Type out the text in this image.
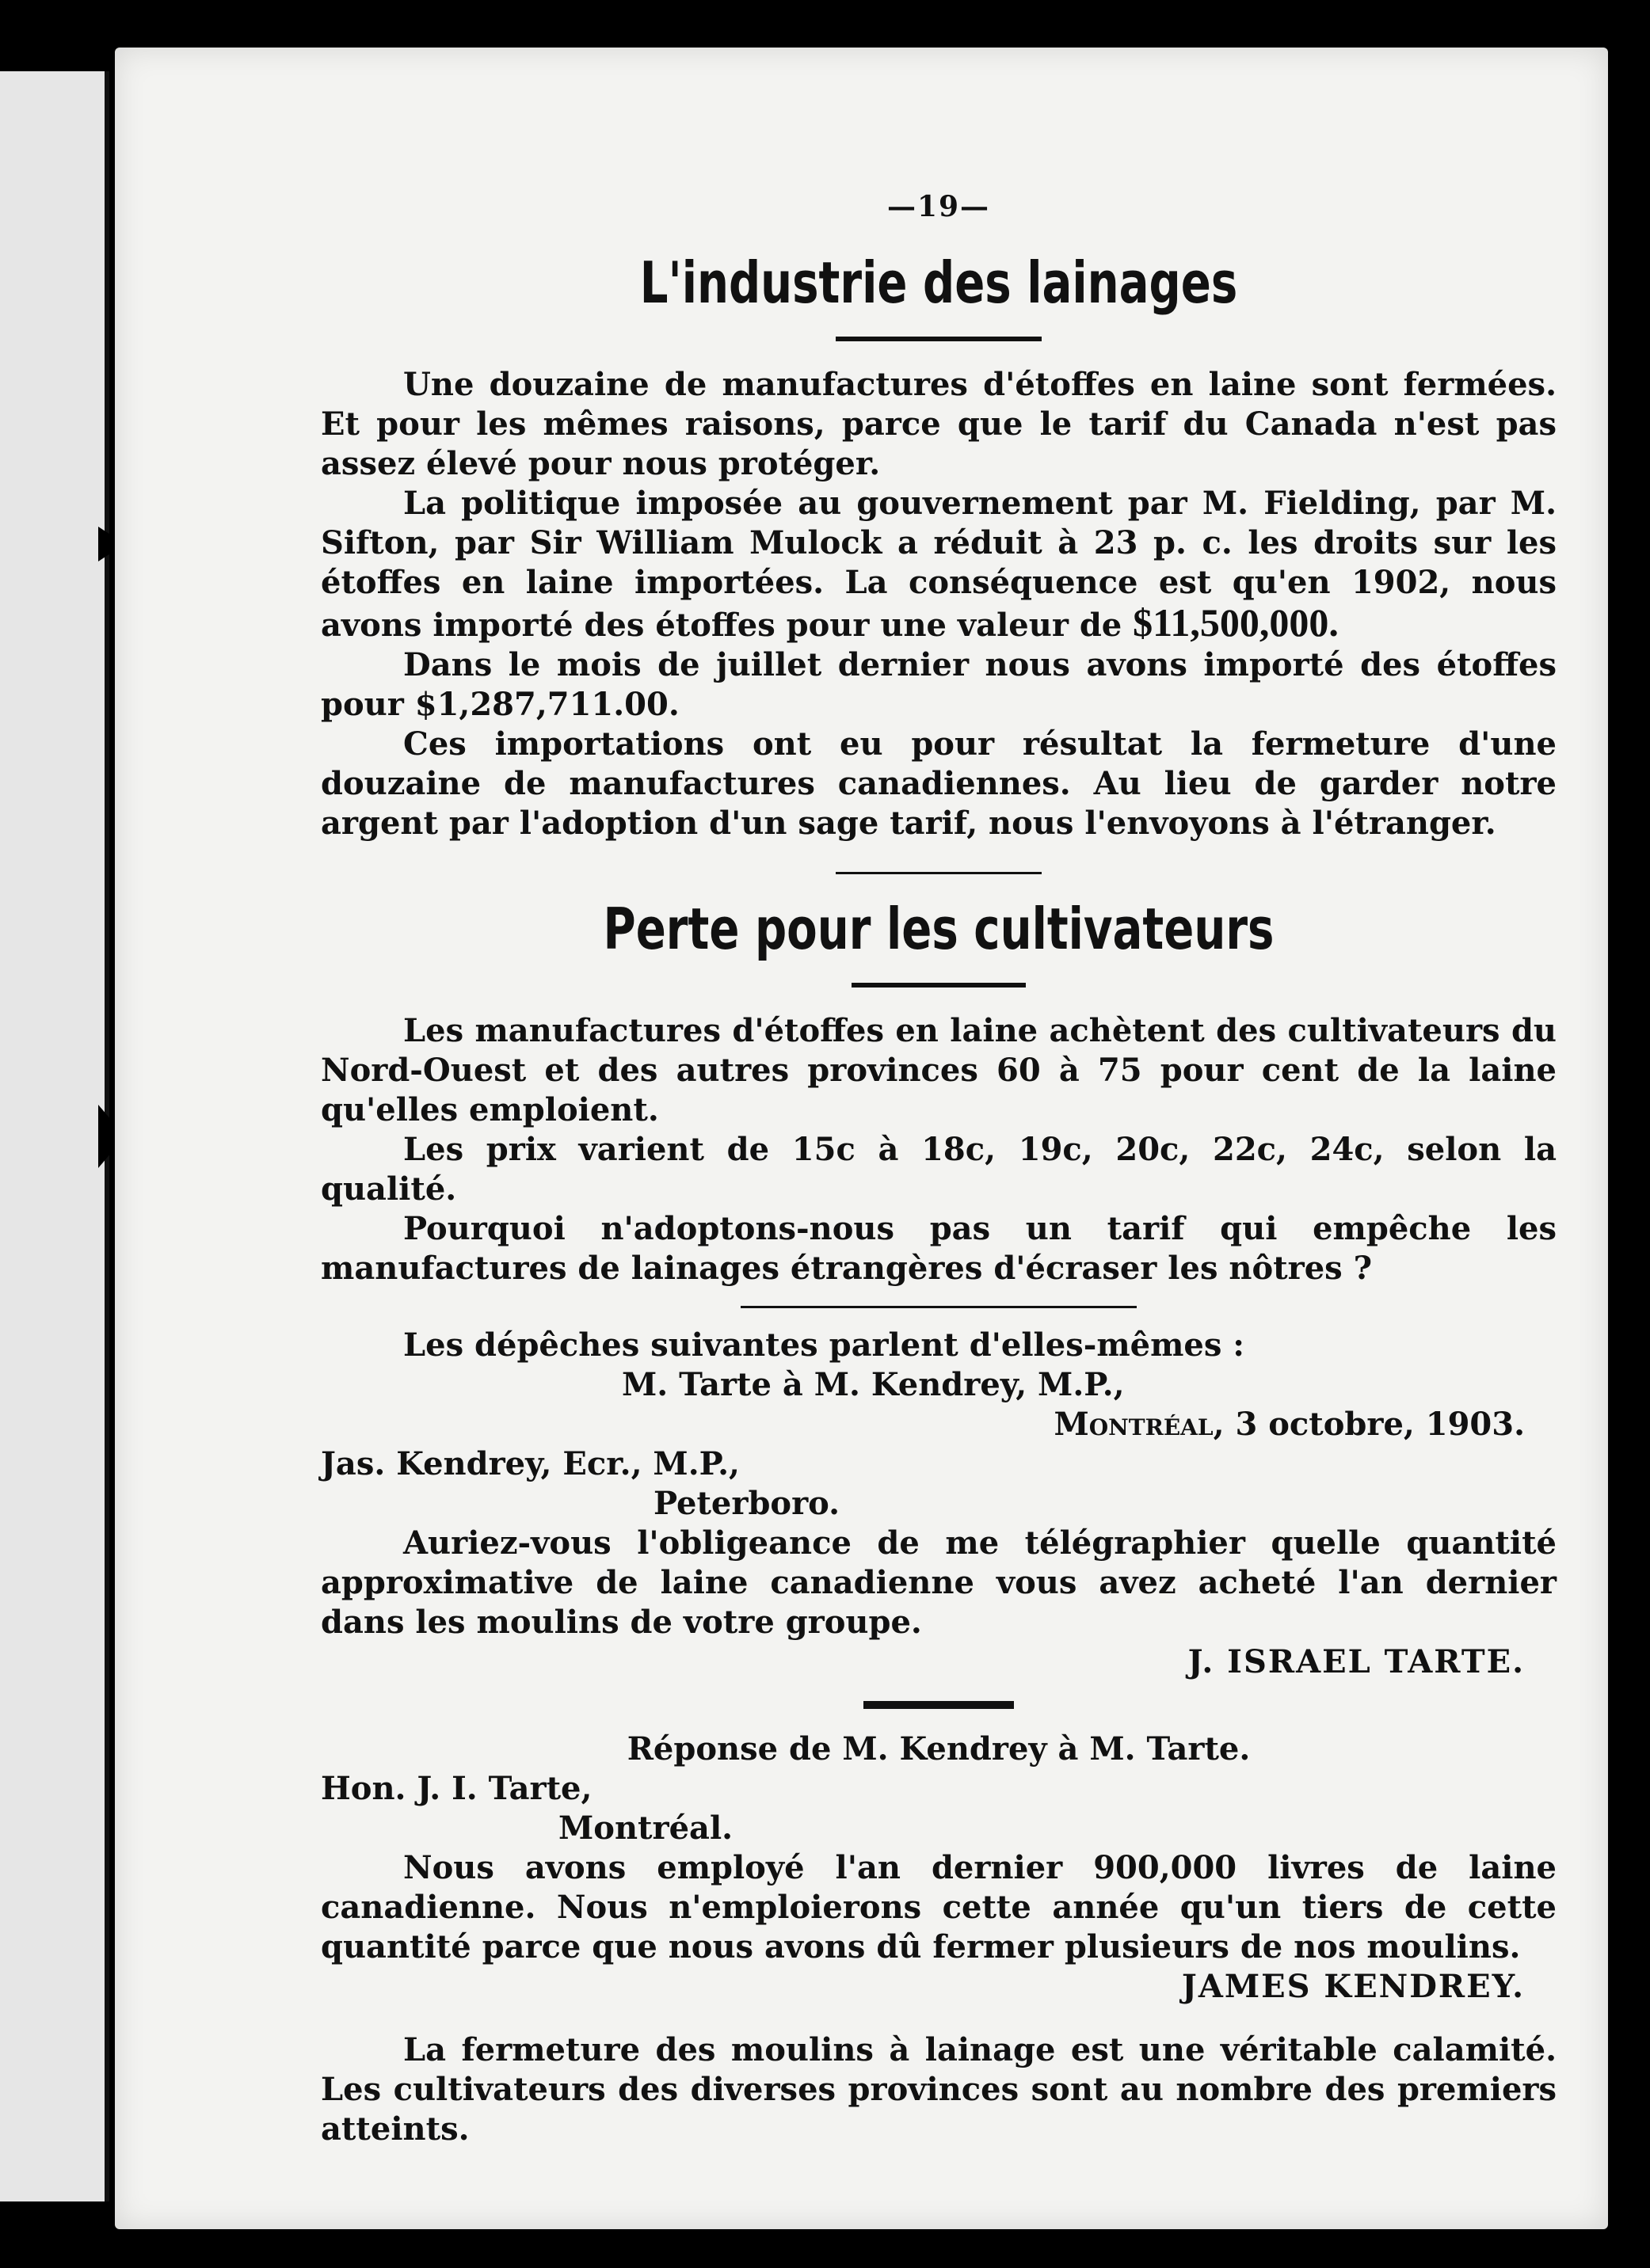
—19—
L'industrie des lainages

Une douzaine de manufactures d'étoffes en laine sont fermées. Et pour les mêmes raisons, parce que le tarif du Canada n'est pas assez élevé pour nous protéger.

La politique imposée au gouvernement par M. Fielding, par M. Sifton, par Sir William Mulock a réduit à 23 p. c. les droits sur les étoffes en laine importées. La conséquence est qu'en 1902, nous avons importé des étoffes pour une valeur de $11,500,000.

Dans le mois de juillet dernier nous avons importé des étoffes pour $1,287,711.00.

Ces importations ont eu pour résultat la fermeture d'une douzaine de manufactures canadiennes. Au lieu de garder notre argent par l'adoption d'un sage tarif, nous l'envoyons à l'étranger.

Perte pour les cultivateurs

Les manufactures d'étoffes en laine achètent des cultivateurs du Nord-Ouest et des autres provinces 60 à 75 pour cent de la laine qu'elles emploient.

Les prix varient de 15c à 18c, 19c, 20c, 22c, 24c, selon la qualité.

Pourquoi n'adoptons-nous pas un tarif qui empêche les manufactures de lainages étrangères d'écraser les nôtres ?

Les dépêches suivantes parlent d'elles-mêmes :

M. Tarte à M. Kendrey, M.P.,

Montréal, 3 octobre, 1903.

Jas. Kendrey, Ecr., M.P.,

Peterboro.

Auriez-vous l'obligeance de me télégraphier quelle quantité approximative de laine canadienne vous avez acheté l'an dernier dans les moulins de votre groupe.

J. ISRAEL TARTE.

Réponse de M. Kendrey à M. Tarte.

Hon. J. I. Tarte,

Montréal.

Nous avons employé l'an dernier 900,000 livres de laine canadienne. Nous n'emploierons cette année qu'un tiers de cette quantité parce que nous avons dû fermer plusieurs de nos moulins.

JAMES KENDREY.

La fermeture des moulins à lainage est une véritable calamité. Les cultivateurs des diverses provinces sont au nombre des premiers atteints.
